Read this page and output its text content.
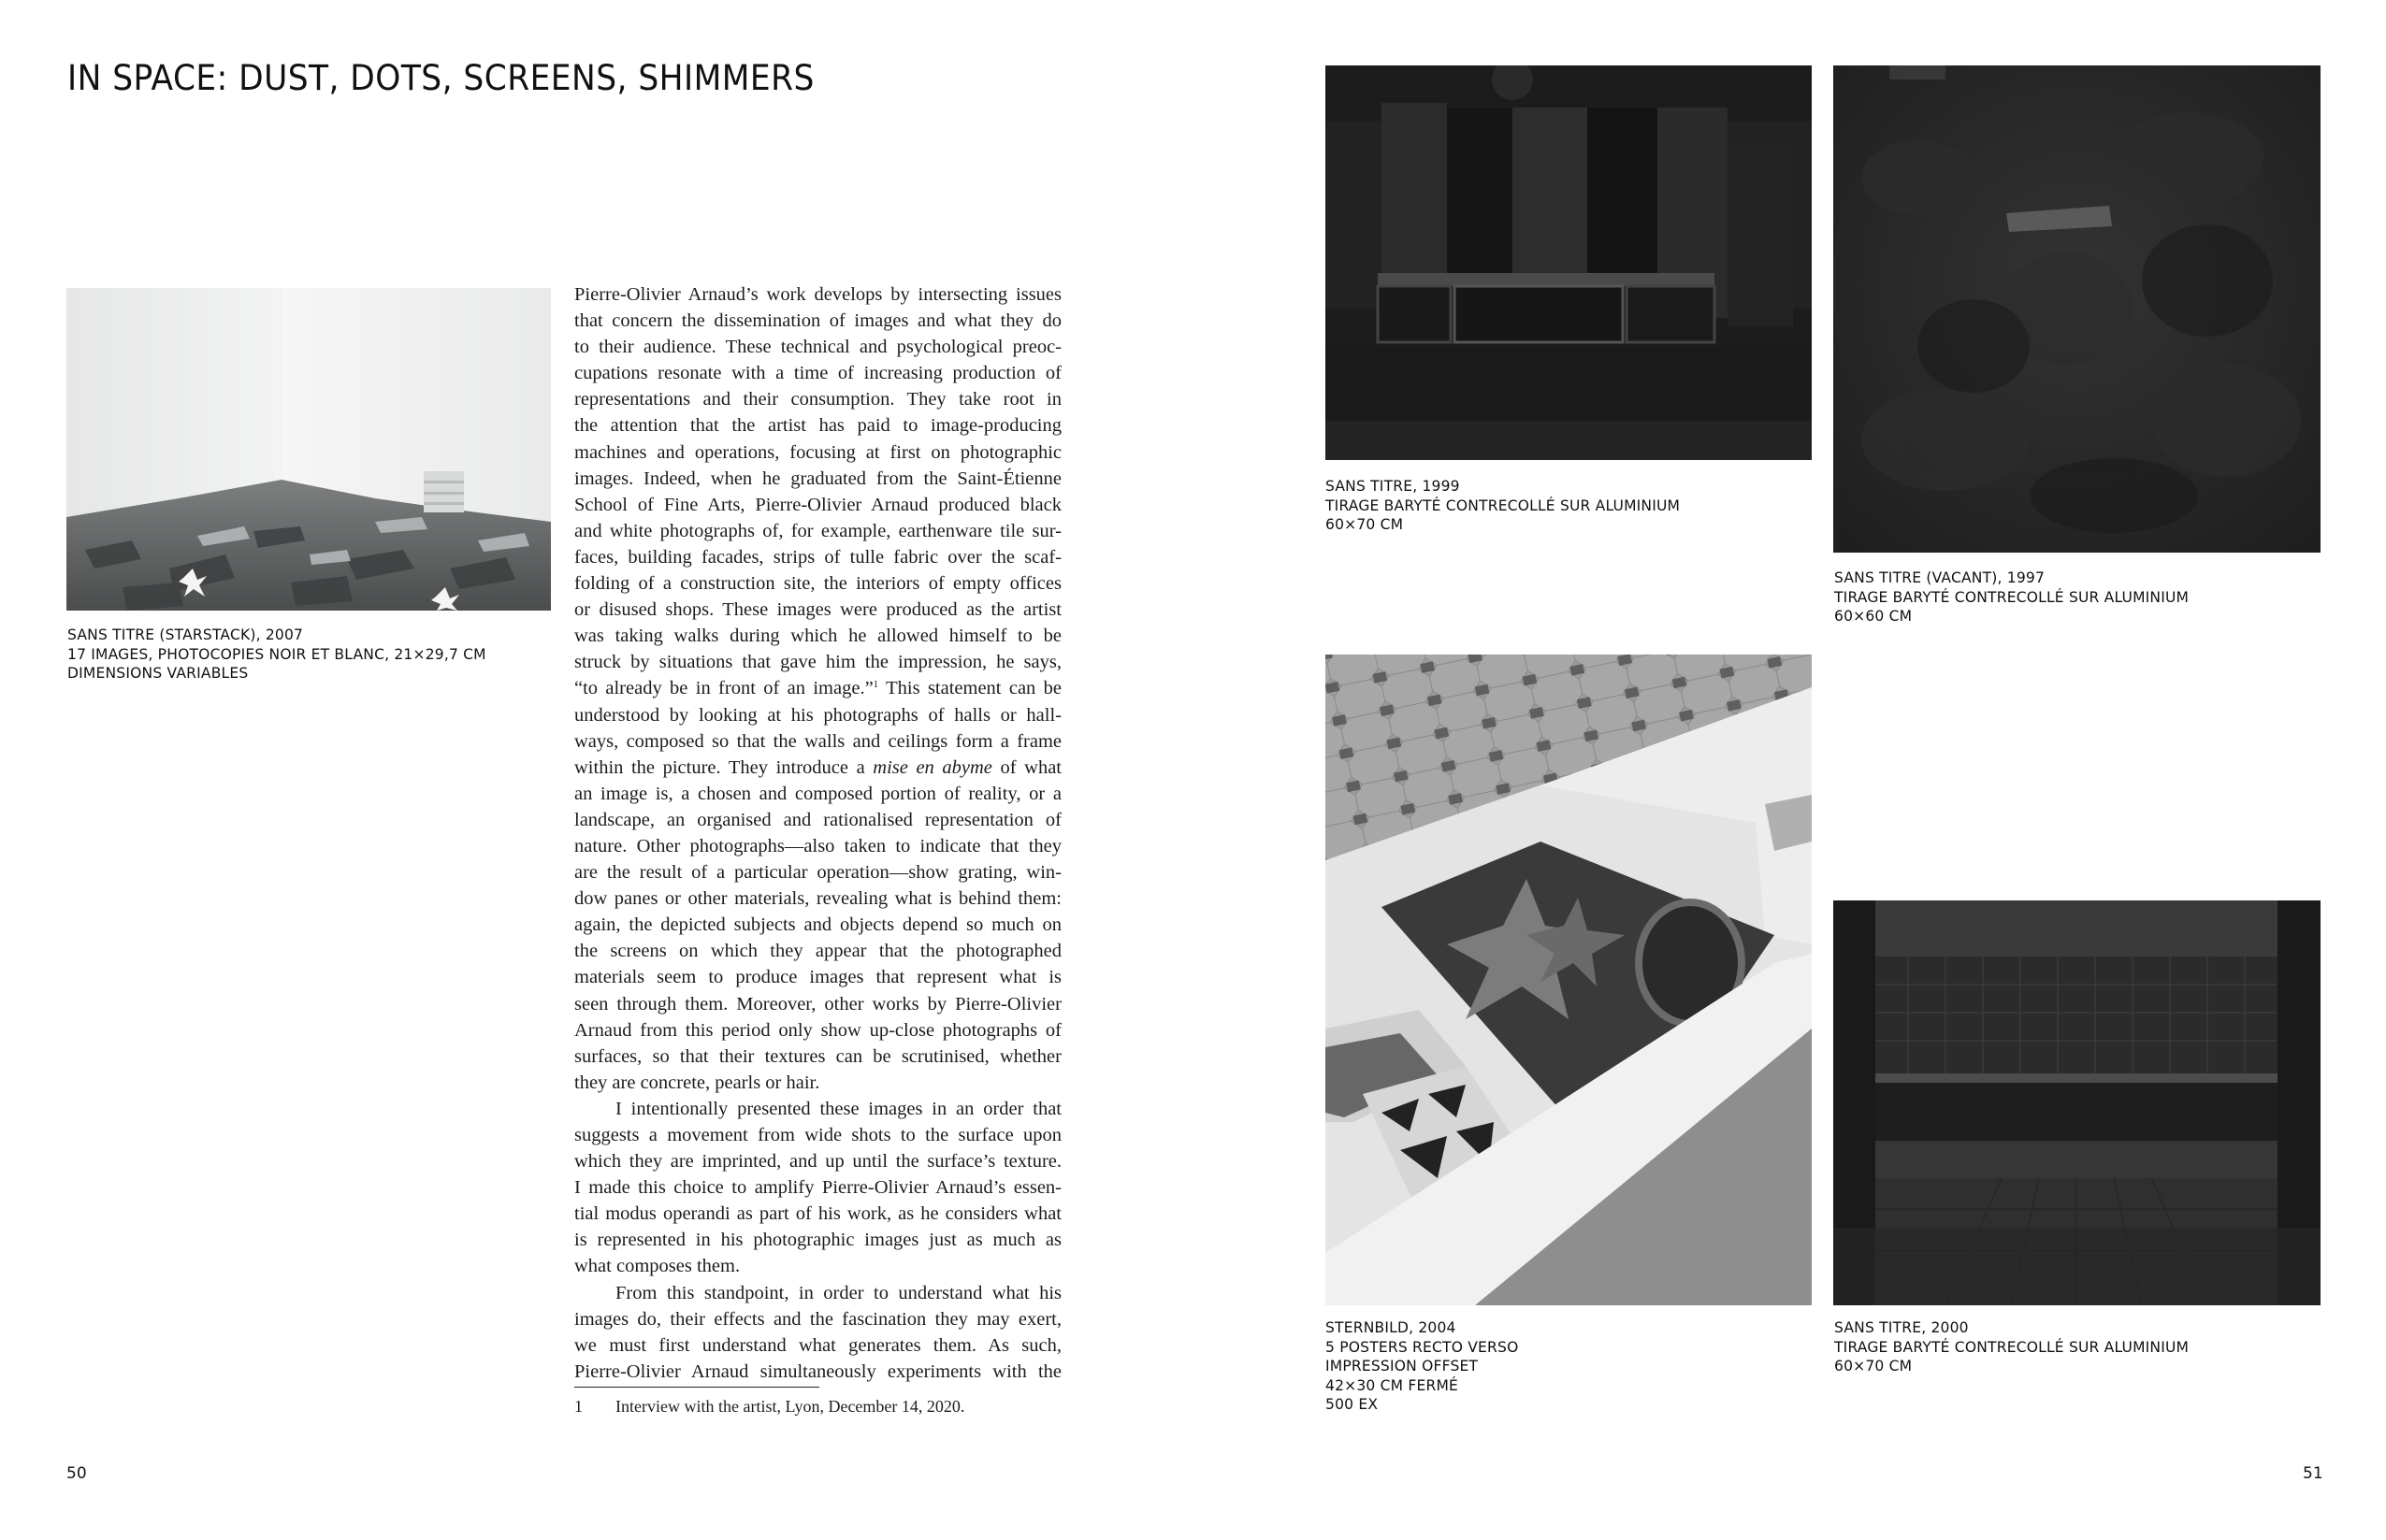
IN SPACE: DUST, DOTS, SCREENS, SHIMMERS
SANS TITRE (STARSTACK), 2007
17 IMAGES, PHOTOCOPIES NOIR ET BLANC, 21×29,7 CM
DIMENSIONS VARIABLES
Pierre-Olivier Arnaud’s work develops by intersecting issues
that concern the dissemination of images and what they do
to their audience. These technical and psychological preoc-
cupations resonate with a time of increasing production of
representations and their consumption. They take root in
the attention that the artist has paid to image-producing
machines and operations, focusing at first on photographic
images. Indeed, when he graduated from the Saint-Étienne
School of Fine Arts, Pierre-Olivier Arnaud produced black
and white photographs of, for example, earthenware tile sur-
faces, building facades, strips of tulle fabric over the scaf-
folding of a construction site, the interiors of empty offices
or disused shops. These images were produced as the artist
was taking walks during which he allowed himself to be
struck by situations that gave him the impression, he says,
“to already be in front of an image.”$^1$ This statement can be
understood by looking at his photographs of halls or hall-
ways, composed so that the walls and ceilings form a frame
within the picture. They introduce a mise en abyme of what
an image is, a chosen and composed portion of reality, or a
landscape, an organised and rationalised representation of
nature. Other photographs—also taken to indicate that they
are the result of a particular operation—show grating, win-
dow panes or other materials, revealing what is behind them:
again, the depicted subjects and objects depend so much on
the screens on which they appear that the photographed
materials seem to produce images that represent what is
seen through them. Moreover, other works by Pierre-Olivier
Arnaud from this period only show up-close photographs of
surfaces, so that their textures can be scrutinised, whether
they are concrete, pearls or hair.
I intentionally presented these images in an order that
suggests a movement from wide shots to the surface upon
which they are imprinted, and up until the surface’s texture.
I made this choice to amplify Pierre-Olivier Arnaud’s essen-
tial modus operandi as part of his work, as he considers what
is represented in his photographic images just as much as
what composes them.
From this standpoint, in order to understand what his
images do, their effects and the fascination they may exert,
we must first understand what generates them. As such,
Pierre-Olivier Arnaud simultaneously experiments with the
1 Interview with the artist, Lyon, December 14, 2020.
50
SANS TITRE, 1999
TIRAGE BARYTÉ CONTRECOLLÉ SUR ALUMINIUM
60×70 CM
SANS TITRE (VACANT), 1997
TIRAGE BARYTÉ CONTRECOLLÉ SUR ALUMINIUM
60×60 CM
STERNBILD, 2004
5 POSTERS RECTO VERSO
IMPRESSION OFFSET
42×30 CM FERMÉ
500 EX
SANS TITRE, 2000
TIRAGE BARYTÉ CONTRECOLLÉ SUR ALUMINIUM
60×70 CM
51
